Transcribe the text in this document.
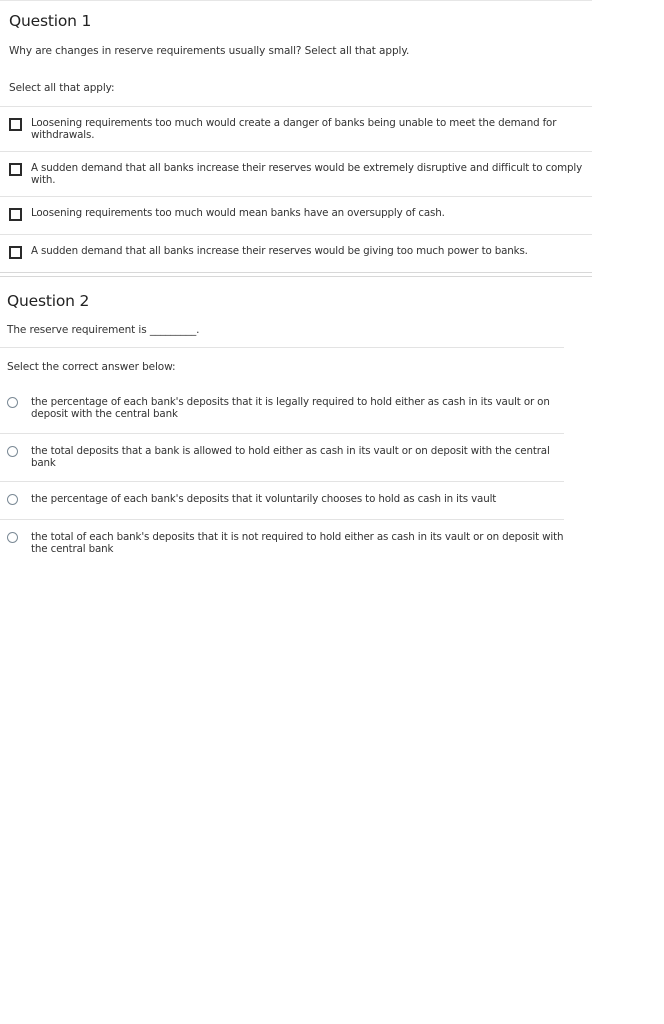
Question 1
Why are changes in reserve requirements usually small? Select all that apply.
Select all that apply:
Loosening requirements too much would create a danger of banks being unable to meet the demand for
withdrawals.
A sudden demand that all banks increase their reserves would be extremely disruptive and difficult to comply
with.
Loosening requirements too much would mean banks have an oversupply of cash.
A sudden demand that all banks increase their reserves would be giving too much power to banks.
Question 2
The reserve requirement is _________.
Select the correct answer below:
the percentage of each bank's deposits that it is legally required to hold either as cash in its vault or on
deposit with the central bank
the total deposits that a bank is allowed to hold either as cash in its vault or on deposit with the central
bank
the percentage of each bank's deposits that it voluntarily chooses to hold as cash in its vault
the total of each bank's deposits that it is not required to hold either as cash in its vault or on deposit with
the central bank
